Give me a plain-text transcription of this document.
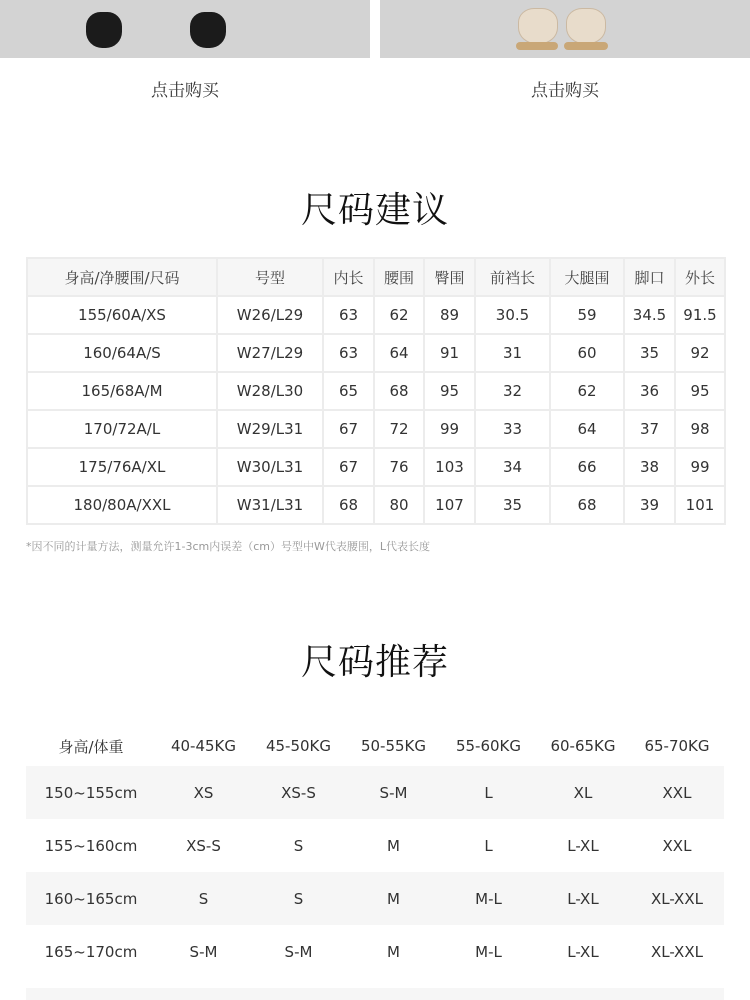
点击购买	点击购买
尺码建议
身高/净腰围/尺码	号型	内长	腰围	臀围	前裆长	大腿围	脚口	外长
155/60A/XS	W26/L29	63	62	89	30.5	59	34.5	91.5
160/64A/S	W27/L29	63	64	91	31	60	35	92
165/68A/M	W28/L30	65	68	95	32	62	36	95
170/72A/L	W29/L31	67	72	99	33	64	37	98
175/76A/XL	W30/L31	67	76	103	34	66	38	99
180/80A/XXL	W31/L31	68	80	107	35	68	39	101
*因不同的计量方法，测量允许1-3cm内误差（cm）号型中W代表腰围，L代表长度
尺码推荐
身高/体重	40-45KG	45-50KG	50-55KG	55-60KG	60-65KG	65-70KG
150~155cm	XS	XS-S	S-M	L	XL	XXL
155~160cm	XS-S	S	M	L	L-XL	XXL
160~165cm	S	S	M	M-L	L-XL	XL-XXL
165~170cm	S-M	S-M	M	M-L	L-XL	XL-XXL
